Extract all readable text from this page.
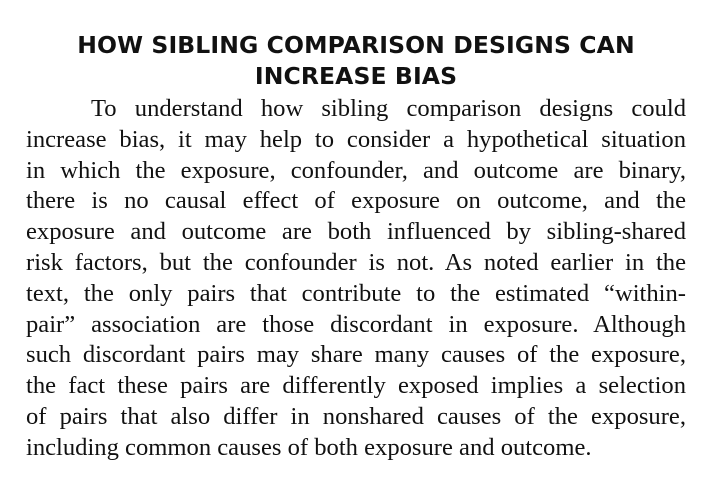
HOW SIBLING COMPARISON DESIGNS CAN
INCREASE BIAS

To understand how sibling comparison designs could
increase bias, it may help to consider a hypothetical situation
in which the exposure, confounder, and outcome are binary,
there is no causal effect of exposure on outcome, and the
exposure and outcome are both influenced by sibling-shared
risk factors, but the confounder is not. As noted earlier in the
text, the only pairs that contribute to the estimated “within-
pair” association are those discordant in exposure. Although
such discordant pairs may share many causes of the exposure,
the fact these pairs are differently exposed implies a selection
of pairs that also differ in nonshared causes of the exposure,
including common causes of both exposure and outcome.
